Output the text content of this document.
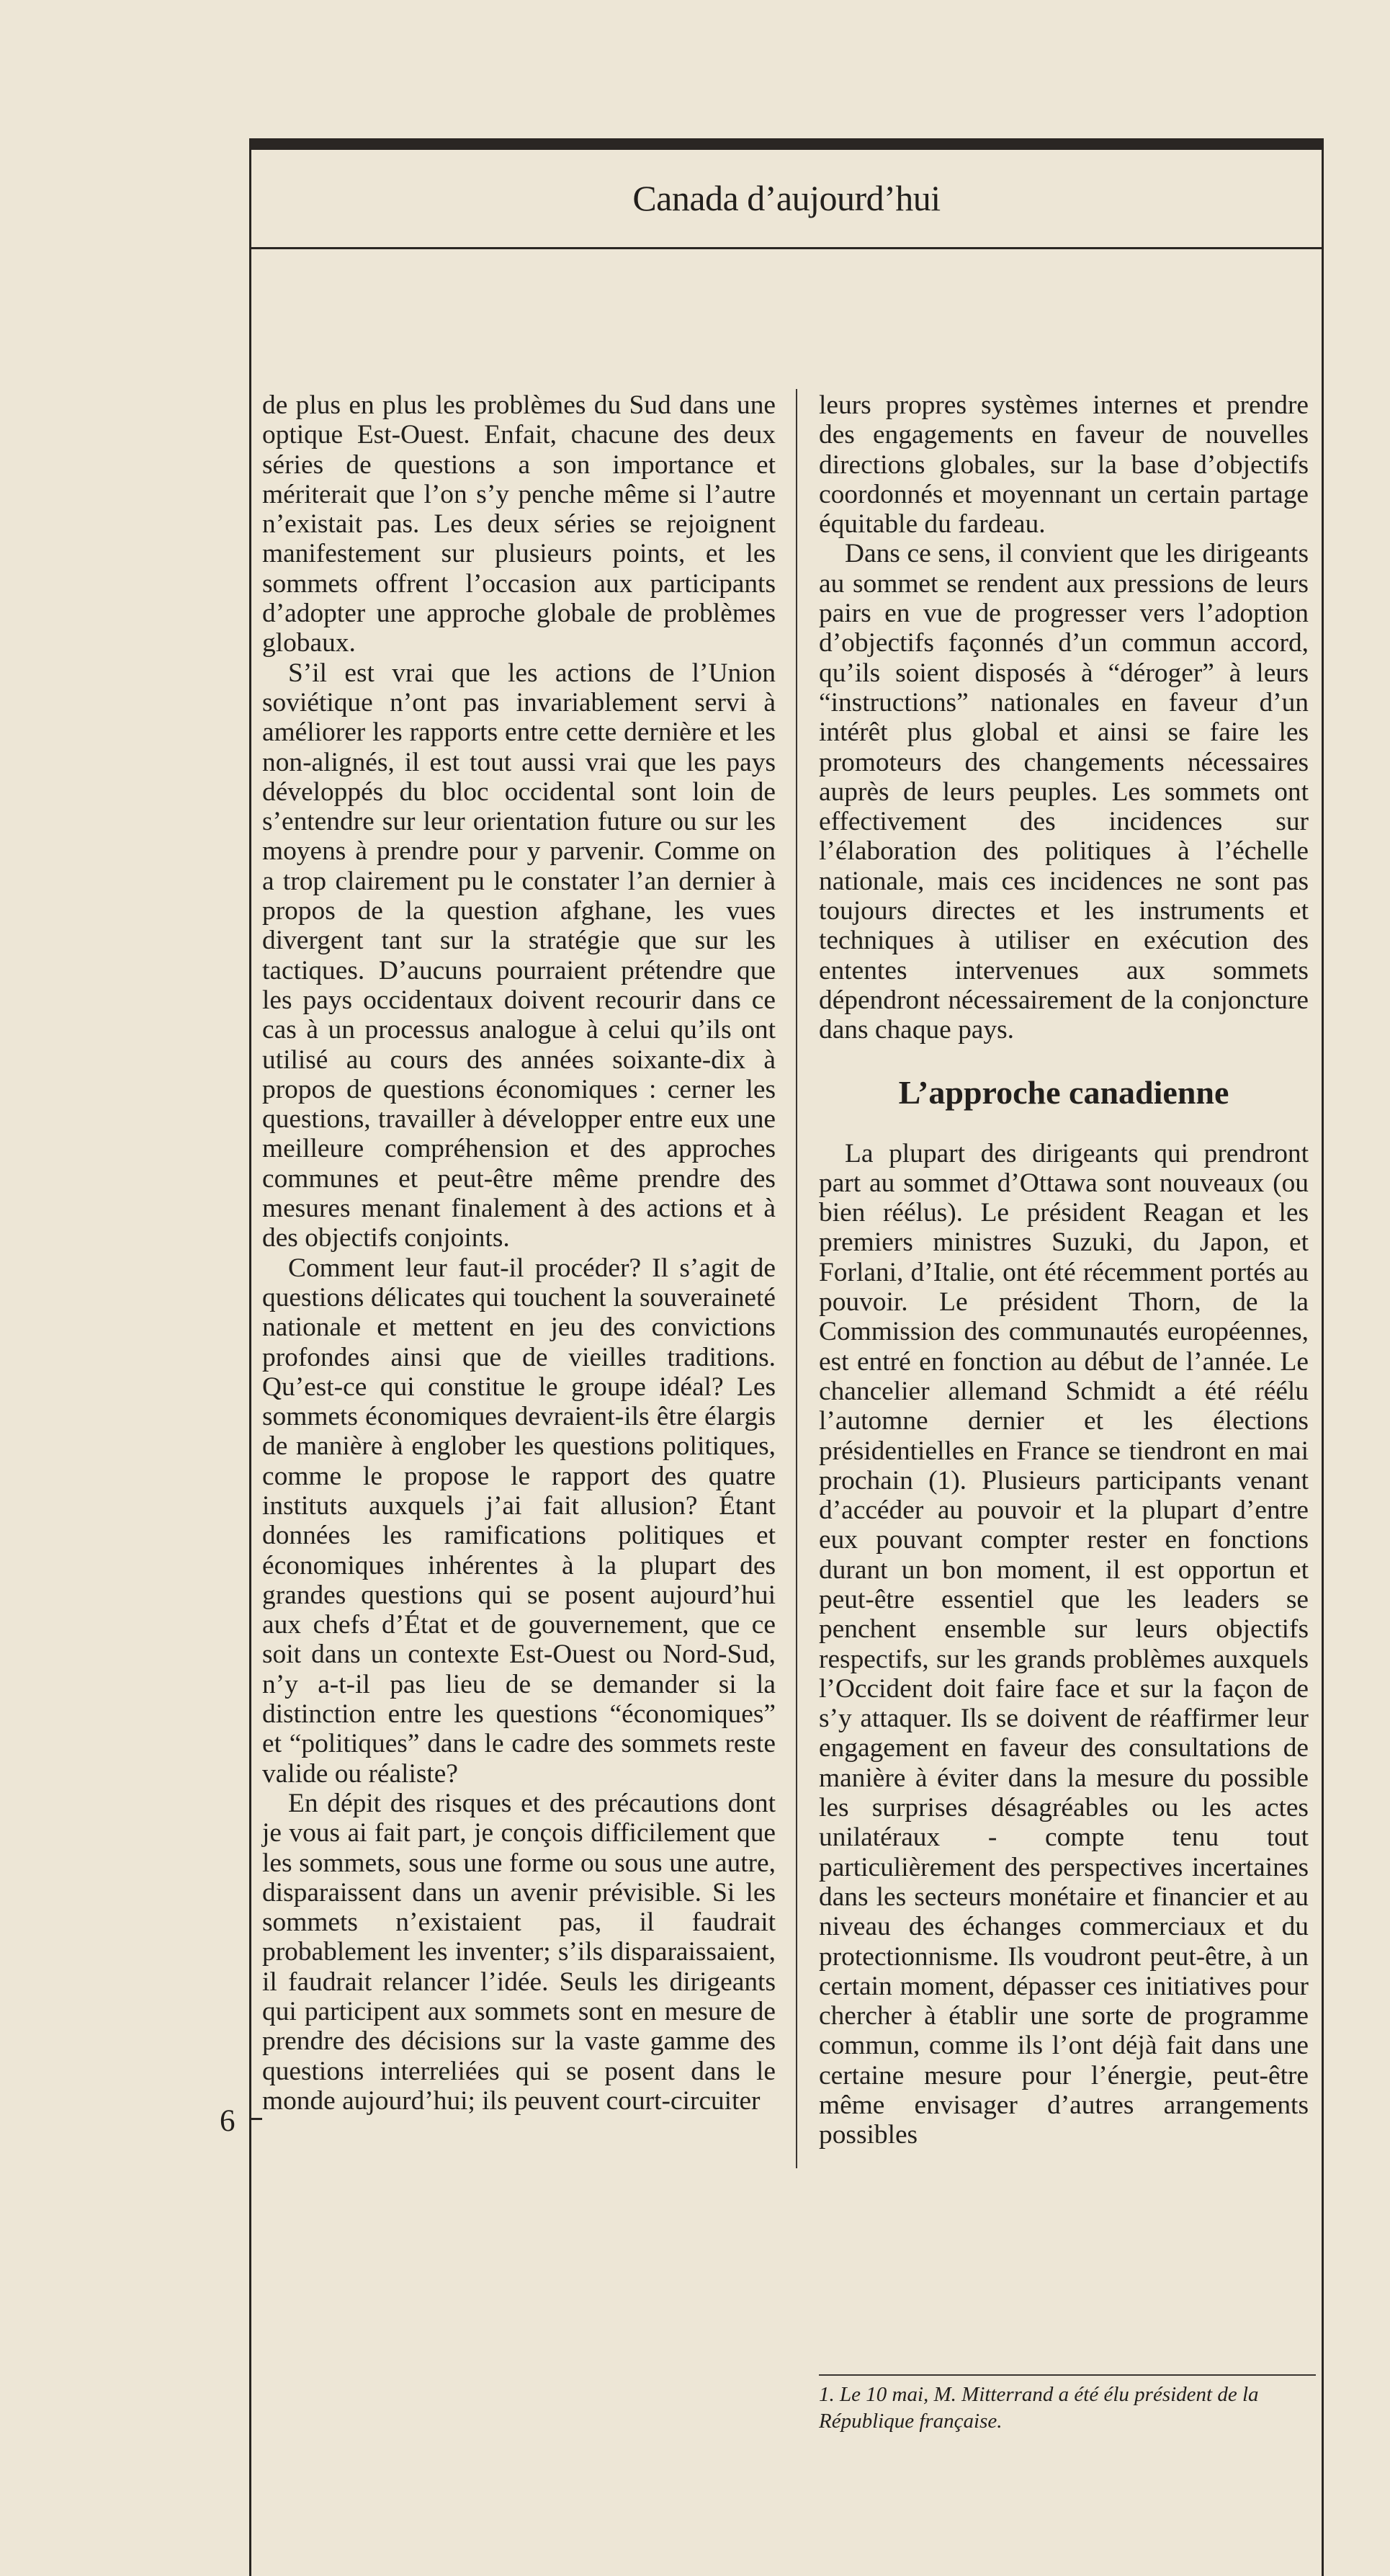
Canada d’aujourd’hui

de plus en plus les problèmes du Sud dans une optique Est-Ouest. Enfait, chacune des deux séries de questions a son importance et mériterait que l’on s’y penche même si l’autre n’existait pas. Les deux séries se rejoignent manifestement sur plusieurs points, et les sommets offrent l’occasion aux participants d’adopter une approche globale de problèmes globaux.

S’il est vrai que les actions de l’Union soviétique n’ont pas invariablement servi à améliorer les rapports entre cette dernière et les non-alignés, il est tout aussi vrai que les pays développés du bloc occidental sont loin de s’entendre sur leur orientation future ou sur les moyens à prendre pour y parvenir. Comme on a trop clairement pu le constater l’an dernier à propos de la question afghane, les vues divergent tant sur la stratégie que sur les tactiques. D’aucuns pourraient prétendre que les pays occidentaux doivent recourir dans ce cas à un processus analogue à celui qu’ils ont utilisé au cours des années soixante-dix à propos de questions économiques : cerner les questions, travailler à développer entre eux une meilleure compréhension et des approches communes et peut-être même prendre des mesures menant finalement à des actions et à des objectifs conjoints.

Comment leur faut-il procéder? Il s’agit de questions délicates qui touchent la souveraineté nationale et mettent en jeu des convictions profondes ainsi que de vieilles traditions. Qu’est-ce qui constitue le groupe idéal? Les sommets économiques devraient-ils être élargis de manière à englober les questions politiques, comme le propose le rapport des quatre instituts auxquels j’ai fait allusion? Étant données les ramifications politiques et économiques inhérentes à la plupart des grandes questions qui se posent aujourd’hui aux chefs d’État et de gouvernement, que ce soit dans un contexte Est-Ouest ou Nord-Sud, n’y a-t-il pas lieu de se demander si la distinction entre les questions “économiques” et “politiques” dans le cadre des sommets reste valide ou réaliste?

En dépit des risques et des précautions dont je vous ai fait part, je conçois difficilement que les sommets, sous une forme ou sous une autre, disparaissent dans un avenir prévisible. Si les sommets n’existaient pas, il faudrait probablement les inventer; s’ils disparaissaient, il faudrait relancer l’idée. Seuls les dirigeants qui participent aux sommets sont en mesure de prendre des décisions sur la vaste gamme des questions interreliées qui se posent dans le monde aujourd’hui; ils peuvent court-circuiter

leurs propres systèmes internes et prendre des engagements en faveur de nouvelles directions globales, sur la base d’objectifs coordonnés et moyennant un certain partage équitable du fardeau.

Dans ce sens, il convient que les dirigeants au sommet se rendent aux pressions de leurs pairs en vue de progresser vers l’adoption d’objectifs façonnés d’un commun accord, qu’ils soient disposés à “déroger” à leurs “instructions” nationales en faveur d’un intérêt plus global et ainsi se faire les promoteurs des changements nécessaires auprès de leurs peuples. Les sommets ont effectivement des incidences sur l’élaboration des politiques à l’échelle nationale, mais ces incidences ne sont pas toujours directes et les instruments et techniques à utiliser en exécution des ententes intervenues aux sommets dépendront nécessairement de la conjoncture dans chaque pays.

L’approche canadienne

La plupart des dirigeants qui prendront part au sommet d’Ottawa sont nouveaux (ou bien réélus). Le président Reagan et les premiers ministres Suzuki, du Japon, et Forlani, d’Italie, ont été récemment portés au pouvoir. Le président Thorn, de la Commission des communautés européennes, est entré en fonction au début de l’année. Le chancelier allemand Schmidt a été réélu l’automne dernier et les élections présidentielles en France se tiendront en mai prochain (1). Plusieurs participants venant d’accéder au pouvoir et la plupart d’entre eux pouvant compter rester en fonctions durant un bon moment, il est opportun et peut-être essentiel que les leaders se penchent ensemble sur leurs objectifs respectifs, sur les grands problèmes auxquels l’Occident doit faire face et sur la façon de s’y attaquer. Ils se doivent de réaffirmer leur engagement en faveur des consultations de manière à éviter dans la mesure du possible les surprises désagréables ou les actes unilatéraux - compte tenu tout particulièrement des perspectives incertaines dans les secteurs monétaire et financier et au niveau des échanges commerciaux et du protectionnisme. Ils voudront peut-être, à un certain moment, dépasser ces initiatives pour chercher à établir une sorte de programme commun, comme ils l’ont déjà fait dans une certaine mesure pour l’énergie, peut-être même envisager d’autres arrangements possibles

1. Le 10 mai, M. Mitterrand a été élu président de la République française.
6
